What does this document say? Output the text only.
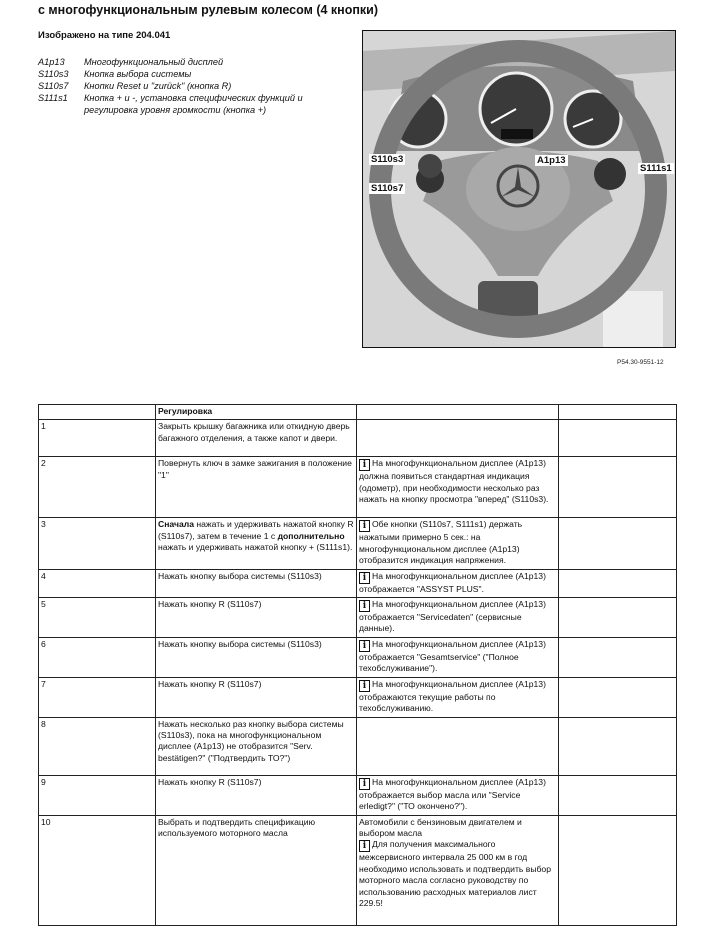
с многофункциональным рулевым колесом (4 кнопки)
Изображено на типе 204.041
A1p13	Многофункциональный дисплей
S110s3	Кнопка выбора системы
S110s7	Кнопки Reset и "zurück" (кнопка R)
S111s1	Кнопка + и -, установка специфических функций и регулировка уровня громкости (кнопка +)
S110s3
S110s7
A1p13
S111s1
P54.30-9551-12
	Регулировка		
1	Закрыть крышку багажника или откидную дверь багажного отделения, а также капот и двери.		
2	Повернуть ключ в замке зажигания в положение "1"	i На многофункциональном дисплее (A1p13) должна появиться стандартная индикация (одометр), при необходимости несколько раз нажать на кнопку просмотра "вперед" (S110s3).	
3	Сначала нажать и удерживать нажатой кнопку R (S110s7), затем в течение 1 с дополнительно нажать и удерживать нажатой кнопку + (S111s1).	i Обе кнопки (S110s7, S111s1) держать нажатыми примерно 5 сек.: на многофункциональном дисплее (A1p13) отобразится индикация напряжения.	
4	Нажать кнопку выбора системы (S110s3)	i На многофункциональном дисплее (A1p13) отображается "ASSYST PLUS".	
5	Нажать кнопку R (S110s7)	i На многофункциональном дисплее (A1p13) отображается "Servicedaten" (сервисные данные).	
6	Нажать кнопку выбора системы (S110s3)	i На многофункциональном дисплее (A1p13) отображается "Gesamtservice" ("Полное техобслуживание").	
7	Нажать кнопку R (S110s7)	i На многофункциональном дисплее (A1p13) отображаются текущие работы по техобслуживанию.	
8	Нажать несколько раз кнопку выбора системы (S110s3), пока на многофункциональном дисплее (A1p13) не отобразится "Serv. bestätigen?" ("Подтвердить ТО?")		
9	Нажать кнопку R (S110s7)	i На многофункциональном дисплее (A1p13) отображается выбор масла или "Service erledigt?" ("ТО окончено?").	
10	Выбрать и подтвердить спецификацию используемого моторного масла	Автомобили с бензиновым двигателем и выбором масла
i Для получения максимального межсервисного интервала 25 000 км в год необходимо использовать и подтвердить выбор моторного масла согласно руководству по использованию расходных материалов лист 229.5!	
